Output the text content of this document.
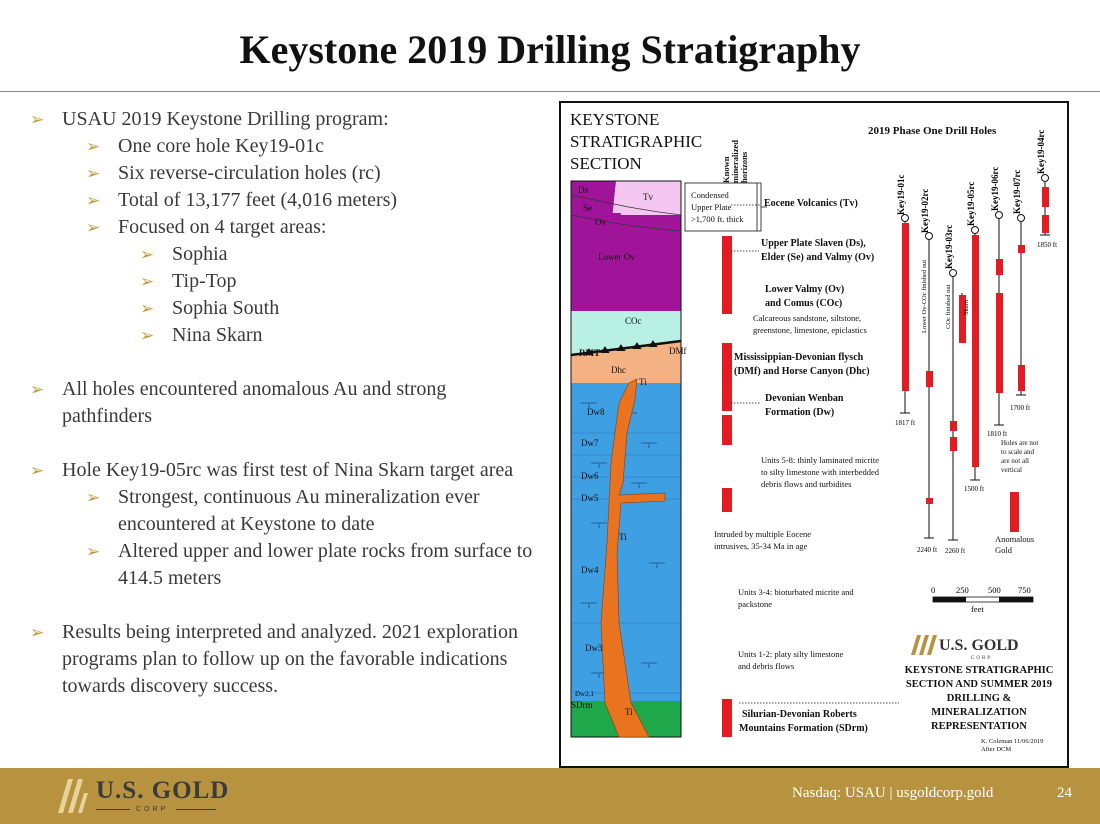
Keystone 2019 Drilling Stratigraphy
➢ USAU 2019 Keystone Drilling program:
➢ One core hole Key19-01c
➢ Six reverse-circulation holes (rc)
➢ Total of 13,177 feet (4,016 meters)
➢ Focused on 4 target areas:
➢ Sophia
➢ Tip-Top
➢ Sophia South
➢ Nina Skarn
➢ All holes encountered anomalous Au and strong pathfinders
➢ Hole Key19-05rc was first test of Nina Skarn target area
➢ Strongest, continuous Au mineralization ever encountered at Keystone to date
➢ Altered upper and lower plate rocks from surface to 414.5 meters
➢ Results being interpreted and analyzed. 2021 exploration programs plan to follow up on the favorable indications towards discovery success.
KEYSTONE
STRATIGRAPHIC
SECTION	Known mineralized horizons
2019 Phase One Drill Holes
Ds
Se
Tv
Ov
Lower Ov
COc
RMT	DMf
Dhc
Ti
Dw8
Dw7
Dw6
Dw5
Ti
Dw4
Dw3
Dw2,1
SDrm
Ti
Condensed
Upper Plate
>1,700 ft. thick
Eocene Volcanics (Tv)
Upper Plate Slaven (Ds),
Elder (Se) and Valmy (Ov)
Lower Valmy (Ov)
and Comus (COc)
Mississippian-Devonian flysch
(DMf) and Horse Canyon (Dhc)
Devonian Wenban
Formation (Dw)
Silurian-Devonian Roberts
Mountains Formation (SDrm)
Calcareous sandstone, siltstone,
greenstone, limestone, epiclastics
Units 5-8: thinly laminated micrite
to silty limestone with interbedded
debris flows and turbidites
Intruded by multiple Eocene
intrusives, 35-34 Ma in age
Units 3-4: bioturbated micrite and
packstone
Units 1-2: platy silty limestone
and debris flows
Key19-01c
1817 ft
Key19-02rc
2240 ft
Lower Ov-COc finished out
Key19-03rc
2260 ft
COc finished out Skarn
Key19-05rc
1500 ft
Key19-06rc
1810 ft
Key19-07rc
1700 ft
Key19-04rc
1850 ft
Holes are not
to scale and
are not all
vertical
Anomalous
Gold
0 250 500 750
feet
U.S. GOLD
CORP
KEYSTONE STRATIGRAPHIC
SECTION AND SUMMER 2019
DRILLING &
MINERALIZATION
REPRESENTATION
K. Coleman 11/06/2019
After DCM
U.S. GOLD
CORP
Nasdaq: USAU | usgoldcorp.gold	24
